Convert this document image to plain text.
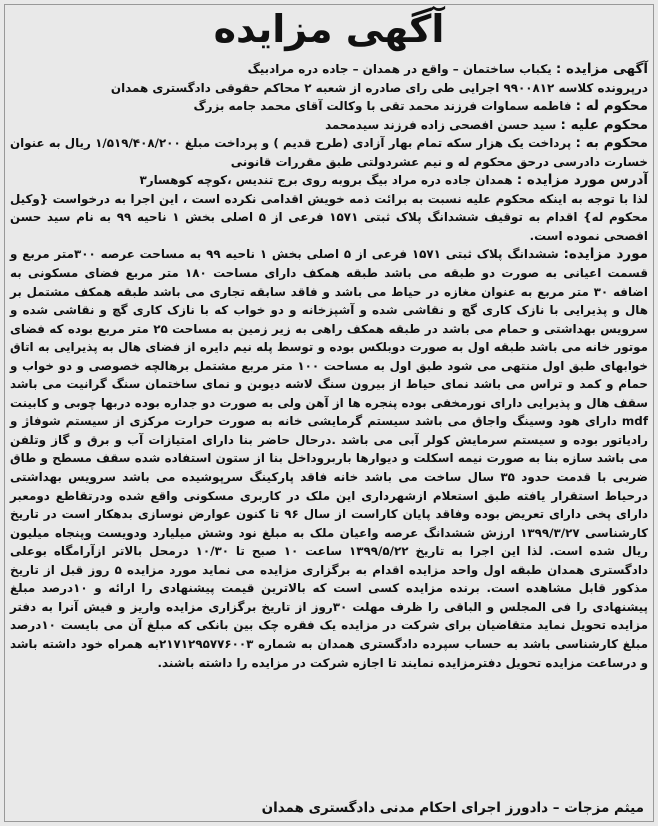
آگهی مزایده

آگهی مزایده : یکباب ساختمان – واقع در همدان – جاده دره مرادبیگ

درپرونده کلاسه ۹۹۰۰۸۱۲ اجرایی طی رای صادره از شعبه ۲ محاکم حقوقی دادگستری همدان

محکوم له : فاطمه سماوات فرزند محمد تقی با وکالت آقای محمد جامه بزرگ

محکوم علیه : سید حسن افصحی زاده فرزند سیدمحمد

محکوم به : پرداخت یک هزار سکه تمام بهار آزادی (طرح قدیم ) و پرداخت مبلغ ۱/۵۱۹/۴۰۸/۲۰۰ ریال به عنوان خسارت دادرسی درحق محکوم له و نیم عشردولتی طبق مقررات قانونی

آدرس مورد مزایده : همدان جاده دره مراد بیگ بروبه روی برج تندیس ،کوچه کوهسار۳

لذا با توجه به اینکه محکوم علیه نسبت به برائت ذمه خویش اقدامی نکرده است ، این اجرا به درخواست {وکیل محکوم له} اقدام به توقیف ششدانگ پلاک ثبتی ۱۵۷۱ فرعی از ۵ اصلی بخش ۱ ناحیه ۹۹ به نام سید حسن افصحی نموده است.

مورد مزایده: ششدانگ پلاک ثبتی ۱۵۷۱ فرعی از ۵ اصلی بخش ۱ ناحیه ۹۹ به مساحت عرصه ۳۰۰متر مربع و قسمت اعیانی به صورت دو طبقه می باشد طبقه همکف دارای مساحت ۱۸۰ متر مربع فضای مسکونی به اضافه ۳۰ متر مربع به عنوان مغازه در حیاط می باشد و فاقد سابقه تجاری می باشد طبقه همکف مشتمل بر هال و پذیرایی با نازک کاری گچ و نقاشی شده و آشپزخانه و دو خواب که با نازک کاری گچ و نقاشی شده و سرویس بهداشتی و حمام می باشد در طبقه همکف راهی به زیر زمین به مساحت ۲۵ متر مربع بوده که فضای موتور خانه می باشد طبقه اول به صورت دوبلکس بوده و توسط پله نیم دایره از فضای هال به پذیرایی به اتاق خوابهای طبق اول منتهی می شود طبق اول به مساحت ۱۰۰ متر مربع مشتمل برهالچه خصوصی و دو خواب و حمام و کمد و تراس می باشد نمای حیاط از بیرون سنگ لاشه دیوبن و نمای ساختمان سنگ گرانیت می باشد سقف هال و پذیرایی دارای نورمخفی بوده پنجره ها از آهن ولی به صورت دو جداره بوده دربها چوبی و کابینت mdf دارای هود وسینگ واجاق می باشد سیستم گرمایشی خانه به صورت حرارت مرکزی از سیستم شوفاژ و رادیاتور بوده و سیستم سرمایش کولر آبی می باشد .درحال حاضر بنا دارای امتیازات آب و برق و گاز وتلفن می باشد سازه بنا به صورت نیمه اسکلت و دیوارها باربروداخل بنا از ستون استفاده شده سقف مسطح و طاق ضربی با قدمت حدود ۳۵ سال ساخت می باشد خانه فاقد پارکینگ سرپوشیده می باشد سرویس بهداشتی درحیاط استقرار یافته طبق استعلام ازشهرداری این ملک در کاربری مسکونی واقع شده ودرتقاطع دومعبر دارای پخی دارای تعریض بوده وفاقد پایان کاراست از سال ۹۶ تا کنون عوارض نوسازی بدهکار است در تاریخ کارشناسی ۱۳۹۹/۳/۲۷ ارزش ششدانگ عرصه واعیان ملک به مبلغ نود وشش میلیارد ودویست وپنجاه میلیون ریال شده است. لذا این اجرا به تاریخ ۱۳۹۹/۵/۲۲ ساعت ۱۰ صبح تا ۱۰/۳۰ درمحل بالاتر ازآرامگاه بوعلی دادگستری همدان طبقه اول واحد مزایده اقدام به برگزاری مزایده می نماید مورد مزایده ۵ روز قبل از تاریخ مذکور قابل مشاهده است. برنده مزایده کسی است که بالاترین قیمت پیشنهادی را ارائه و ۱۰درصد مبلغ پیشنهادی را فی المجلس و الباقی را ظرف مهلت ۳۰روز از تاریخ برگزاری مزایده واریز و فیش آنرا به دفتر مزایده تحویل نماید متقاضیان برای شرکت در مزایده یک فقره چک بین بانکی که مبلغ آن می بایست ۱۰درصد مبلغ کارشناسی باشد به حساب سپرده دادگستری همدان به شماره ۲۱۷۱۲۹۵۷۷۶۰۰۳به همراه خود داشته باشد و درساعت مزایده تحویل دفترمزایده نمایند تا اجازه شرکت در مزایده را داشته باشند.

میثم مزجات – دادورز اجرای احکام مدنی دادگستری همدان
